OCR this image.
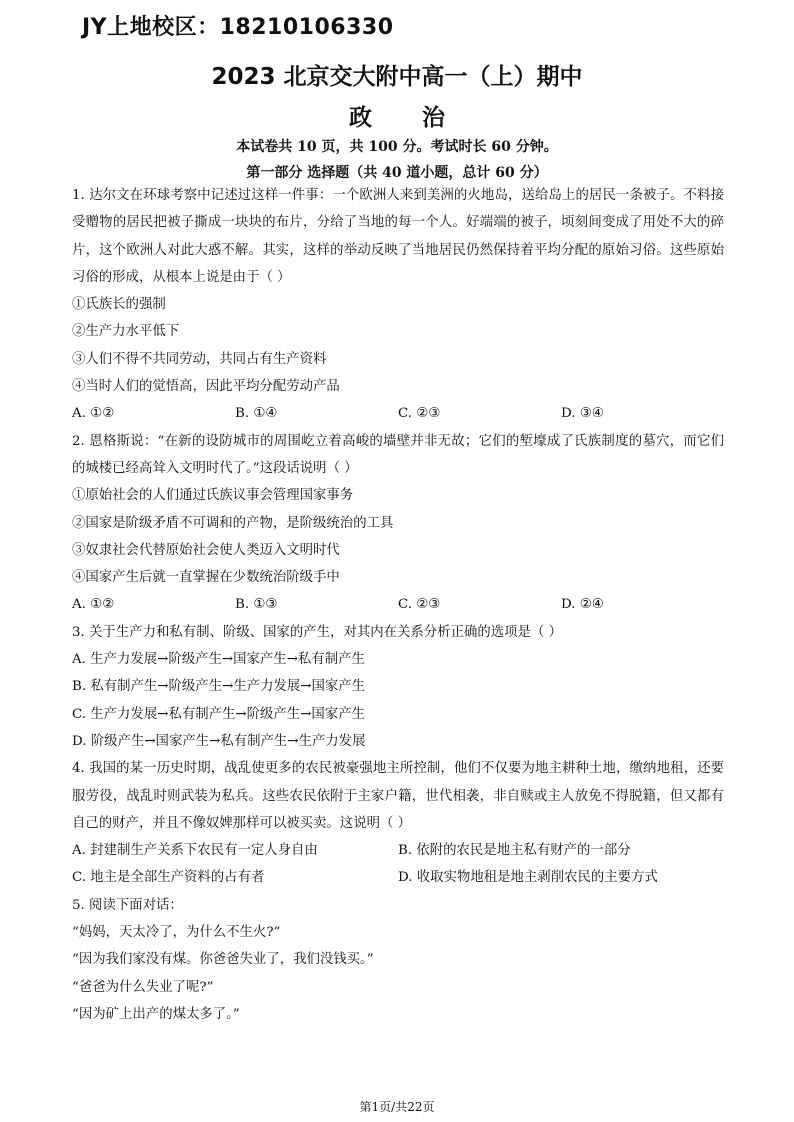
JY上地校区：18210106330
2023 北京交大附中高一（上）期中
政 治
本试卷共 10 页，共 100 分。考试时长 60 分钟。
第一部分 选择题（共 40 道小题，总计 60 分）
1. 达尔文在环球考察中记述过这样一件事：一个欧洲人来到美洲的火地岛，送给岛上的居民一条被子。不料接受赠物的居民把被子撕成一块块的布片，分给了当地的每一个人。好端端的被子，顷刻间变成了用处不大的碎片，这个欧洲人对此大惑不解。其实，这样的举动反映了当地居民仍然保持着平均分配的原始习俗。这些原始习俗的形成，从根本上说是由于（ ）
①氏族长的强制
②生产力水平低下
③人们不得不共同劳动，共同占有生产资料
④当时人们的觉悟高，因此平均分配劳动产品
A. ①②	B. ①④	C. ②③	D. ③④
2. 恩格斯说：“在新的设防城市的周围屹立着高峻的墙壁并非无故；它们的堑壕成了氏族制度的墓穴，而它们的城楼已经高耸入文明时代了。”这段话说明（ ）
①原始社会的人们通过氏族议事会管理国家事务
②国家是阶级矛盾不可调和的产物，是阶级统治的工具
③奴隶社会代替原始社会使人类迈入文明时代
④国家产生后就一直掌握在少数统治阶级手中
A. ①②	B. ①③	C. ②③	D. ②④
3. 关于生产力和私有制、阶级、国家的产生，对其内在关系分析正确的选项是（ ）
A. 生产力发展→阶级产生→国家产生→私有制产生
B. 私有制产生→阶级产生→生产力发展→国家产生
C. 生产力发展→私有制产生→阶级产生→国家产生
D. 阶级产生→国家产生→私有制产生→生产力发展
4. 我国的某一历史时期，战乱使更多的农民被豪强地主所控制，他们不仅要为地主耕种土地，缴纳地租，还要服劳役，战乱时则武装为私兵。这些农民依附于主家户籍，世代相袭，非自赎或主人放免不得脱籍，但又都有自己的财产，并且不像奴婢那样可以被买卖。这说明（ ）
A. 封建制生产关系下农民有一定人身自由	B. 依附的农民是地主私有财产的一部分
C. 地主是全部生产资料的占有者	D. 收取实物地租是地主剥削农民的主要方式
5. 阅读下面对话：
“妈妈，天太冷了，为什么不生火?”
“因为我们家没有煤。你爸爸失业了，我们没钱买。”
“爸爸为什么失业了呢?”
“因为矿上出产的煤太多了。”
第1页/共22页
